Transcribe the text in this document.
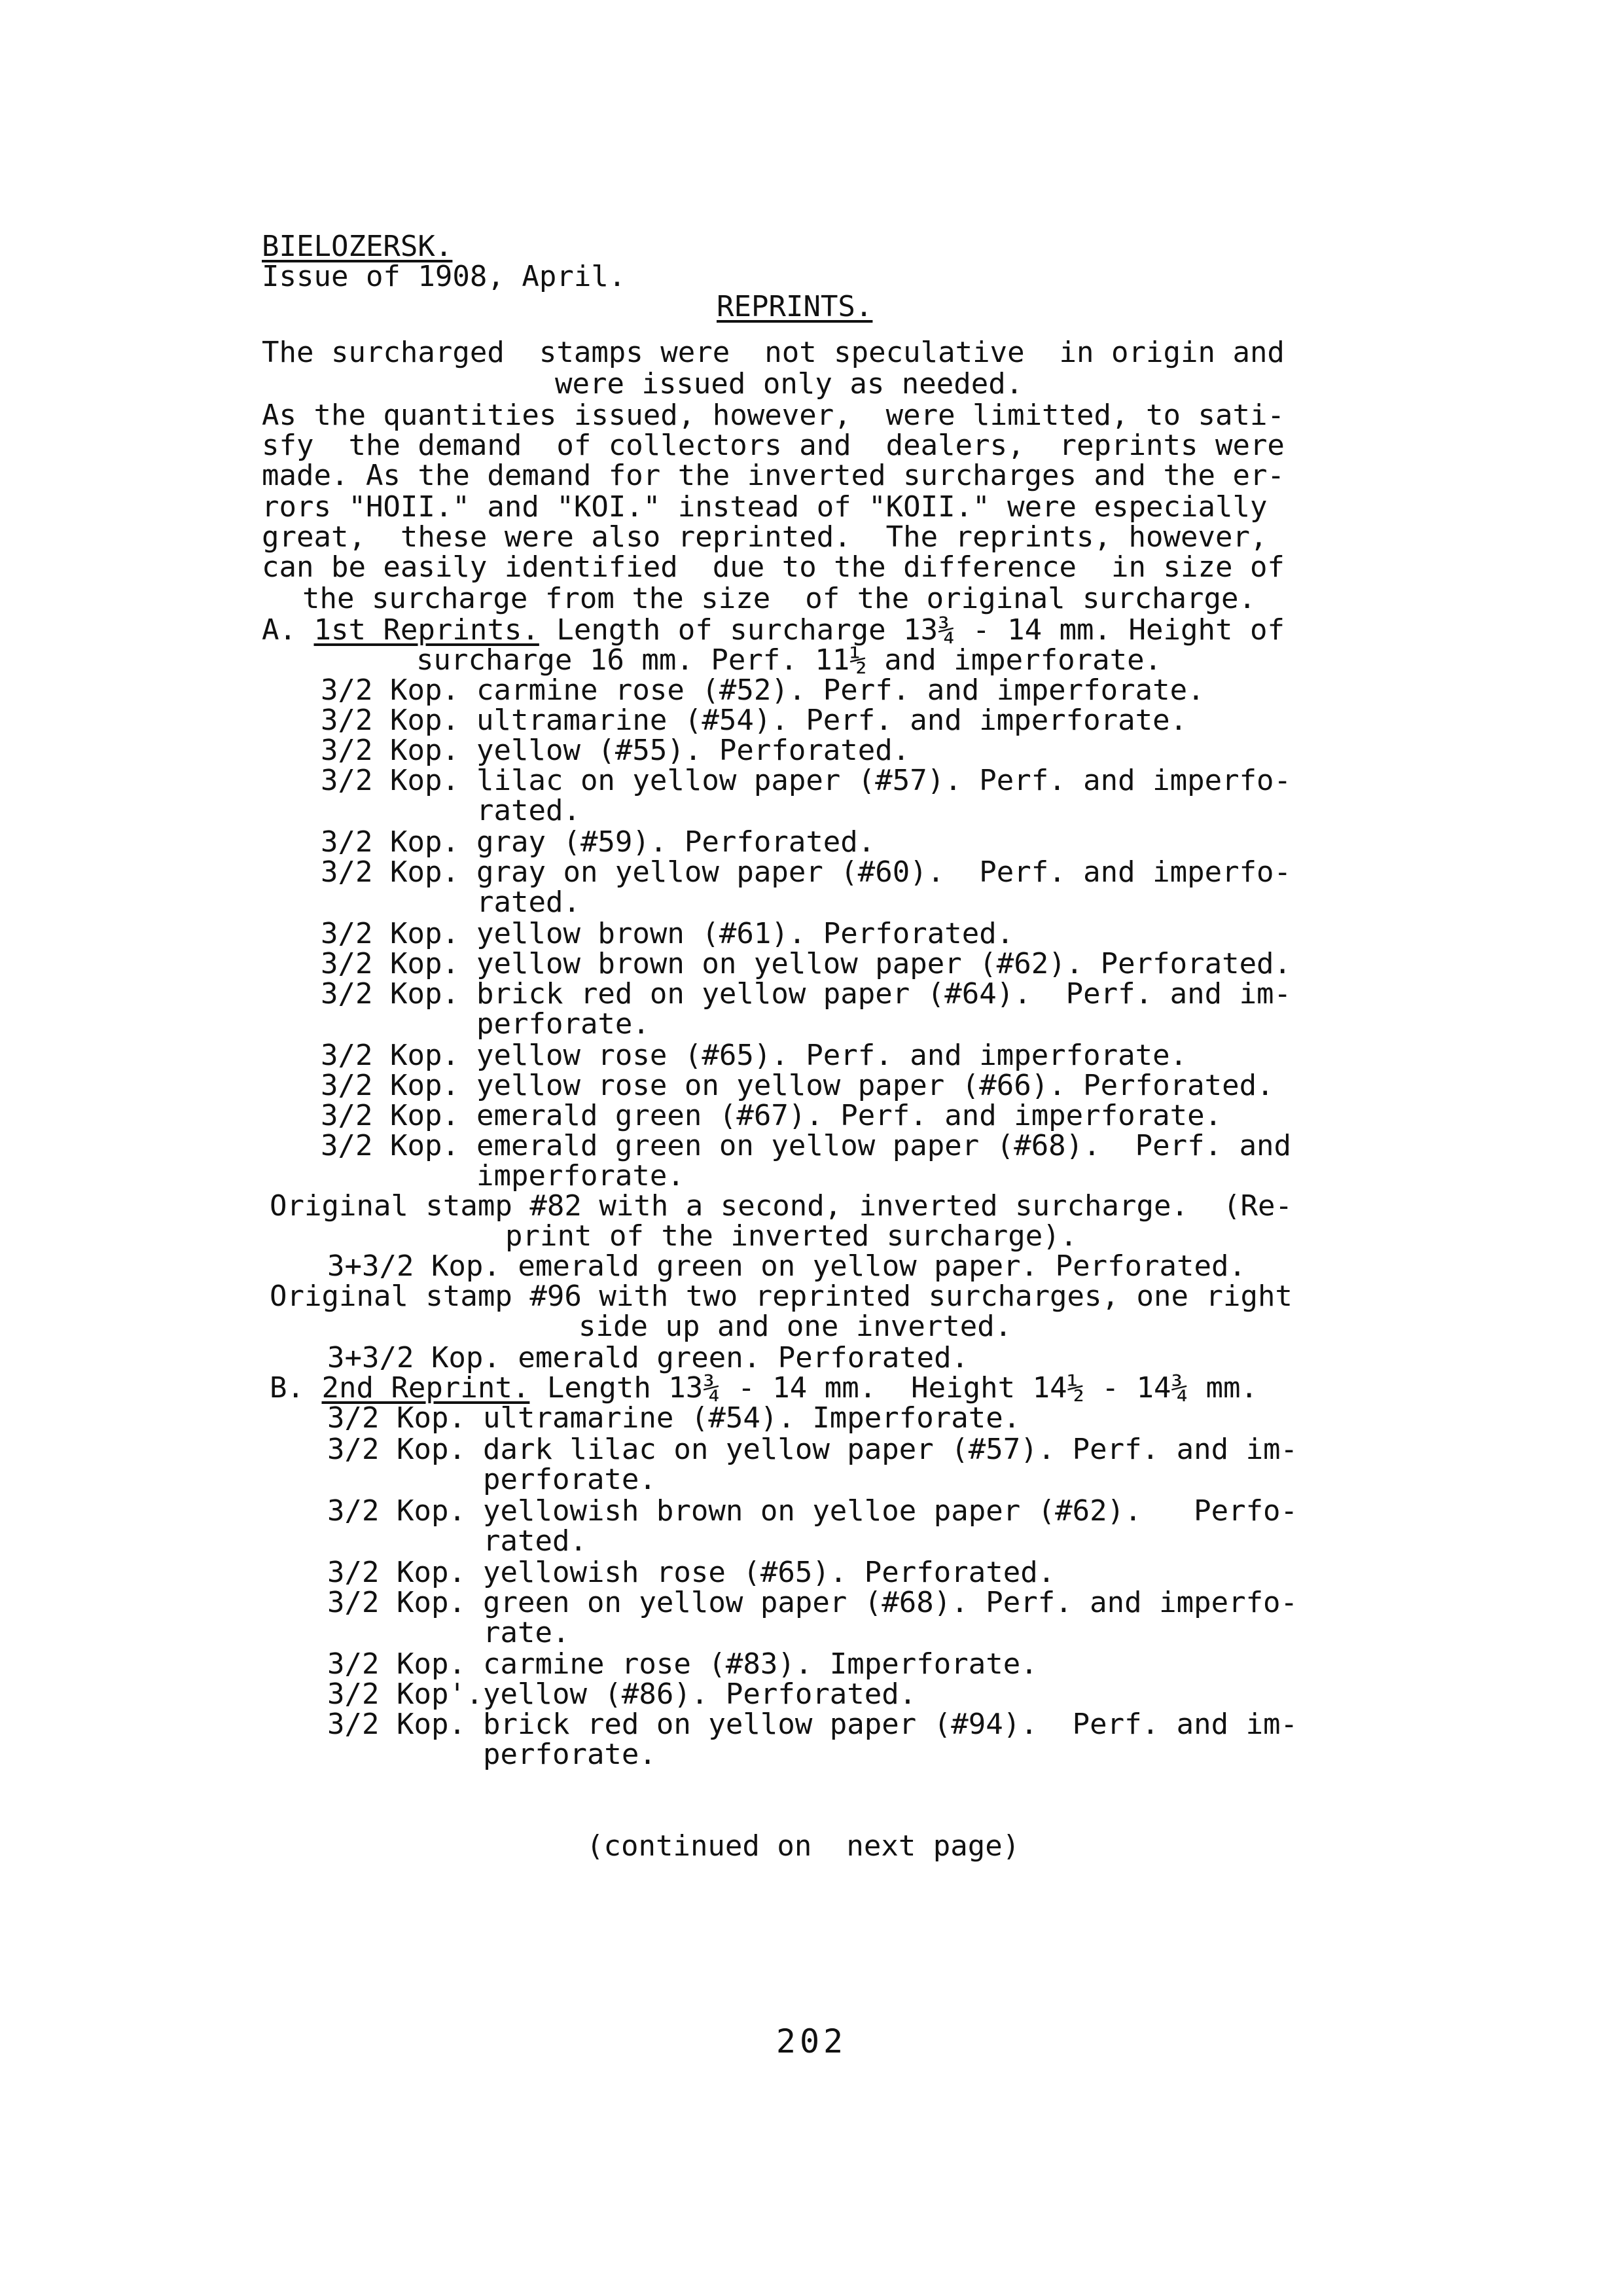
BIELOZERSK.
Issue of 1908, April.
REPRINTS.
The surcharged  stamps were  not speculative  in origin and
were issued only as needed.
As the quantities issued, however,  were limitted, to sati-
sfy  the demand  of collectors and  dealers,  reprints were
made. As the demand for the inverted surcharges and the er-
rors "HOII." and "KOI." instead of "KOII." were especially
great,  these were also reprinted.  The reprints, however,
can be easily identified  due to the difference  in size of
the surcharge from the size  of the original surcharge.
A. 1st Reprints. Length of surcharge 13¾ - 14 mm. Height of
surcharge 16 mm. Perf. 11½ and imperforate.
3/2 Kop. carmine rose (#52). Perf. and imperforate.
3/2 Kop. ultramarine (#54). Perf. and imperforate.
3/2 Kop. yellow (#55). Perforated.
3/2 Kop. lilac on yellow paper (#57). Perf. and imperfo-
rated.
3/2 Kop. gray (#59). Perforated.
3/2 Kop. gray on yellow paper (#60).  Perf. and imperfo-
rated.
3/2 Kop. yellow brown (#61). Perforated.
3/2 Kop. yellow brown on yellow paper (#62). Perforated.
3/2 Kop. brick red on yellow paper (#64).  Perf. and im-
perforate.
3/2 Kop. yellow rose (#65). Perf. and imperforate.
3/2 Kop. yellow rose on yellow paper (#66). Perforated.
3/2 Kop. emerald green (#67). Perf. and imperforate.
3/2 Kop. emerald green on yellow paper (#68).  Perf. and
imperforate.
Original stamp #82 with a second, inverted surcharge.  (Re-
print of the inverted surcharge).
3+3/2 Kop. emerald green on yellow paper. Perforated.
Original stamp #96 with two reprinted surcharges, one right
side up and one inverted.
3+3/2 Kop. emerald green. Perforated.
B. 2nd Reprint. Length 13¾ - 14 mm.  Height 14½ - 14¾ mm.
3/2 Kop. ultramarine (#54). Imperforate.
3/2 Kop. dark lilac on yellow paper (#57). Perf. and im-
perforate.
3/2 Kop. yellowish brown on yelloe paper (#62).   Perfo-
rated.
3/2 Kop. yellowish rose (#65). Perforated.
3/2 Kop. green on yellow paper (#68). Perf. and imperfo-
rate.
3/2 Kop. carmine rose (#83). Imperforate.
3/2 Kop'.yellow (#86). Perforated.
3/2 Kop. brick red on yellow paper (#94).  Perf. and im-
perforate.
(continued on  next page)
202
